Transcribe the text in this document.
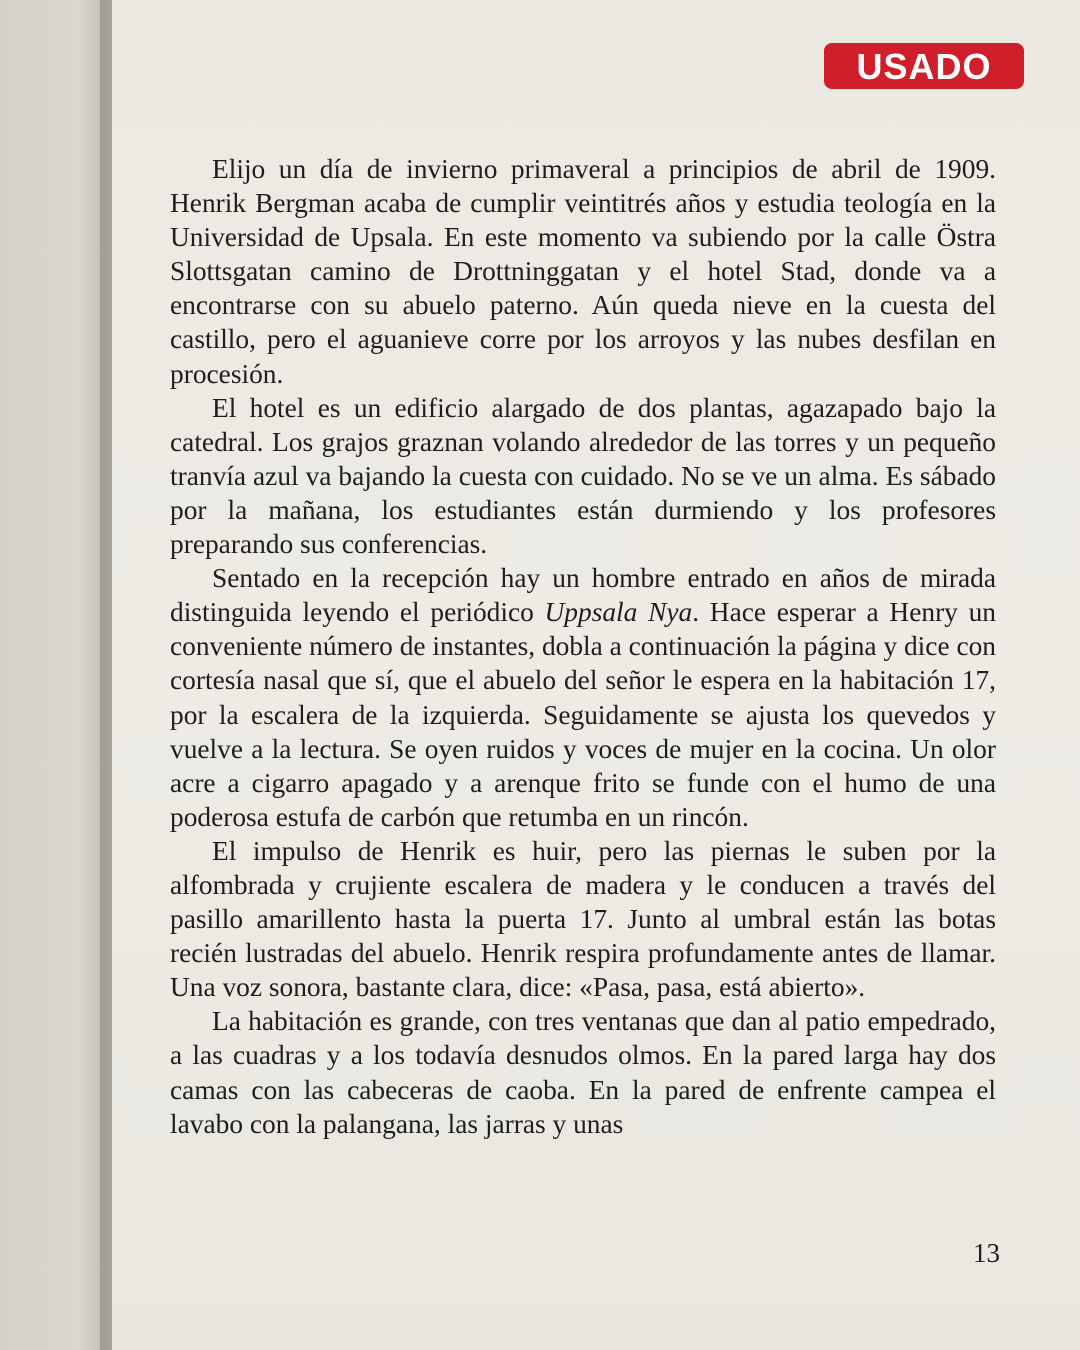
USADO

Elijo un día de invierno primaveral a principios de abril de 1909. Henrik Bergman acaba de cumplir veintitrés años y estudia teología en la Universidad de Upsala. En este momento va subiendo por la calle Östra Slottsgatan camino de Drottninggatan y el hotel Stad, donde va a encontrarse con su abuelo paterno. Aún queda nieve en la cuesta del castillo, pero el aguanieve corre por los arroyos y las nubes desfilan en procesión.

El hotel es un edificio alargado de dos plantas, agazapado bajo la catedral. Los grajos graznan volando alrededor de las torres y un pequeño tranvía azul va bajando la cuesta con cuidado. No se ve un alma. Es sábado por la mañana, los estudiantes están durmiendo y los profesores preparando sus conferencias.

Sentado en la recepción hay un hombre entrado en años de mirada distinguida leyendo el periódico Uppsala Nya. Hace esperar a Henry un conveniente número de instantes, dobla a continuación la página y dice con cortesía nasal que sí, que el abuelo del señor le espera en la habitación 17, por la escalera de la izquierda. Seguidamente se ajusta los quevedos y vuelve a la lectura. Se oyen ruidos y voces de mujer en la cocina. Un olor acre a cigarro apagado y a arenque frito se funde con el humo de una poderosa estufa de carbón que retumba en un rincón.

El impulso de Henrik es huir, pero las piernas le suben por la alfombrada y crujiente escalera de madera y le conducen a través del pasillo amarillento hasta la puerta 17. Junto al umbral están las botas recién lustradas del abuelo. Henrik respira profundamente antes de llamar. Una voz sonora, bastante clara, dice: «Pasa, pasa, está abierto».

La habitación es grande, con tres ventanas que dan al patio empedrado, a las cuadras y a los todavía desnudos olmos. En la pared larga hay dos camas con las cabeceras de caoba. En la pared de enfrente campea el lavabo con la palangana, las jarras y unas

13
